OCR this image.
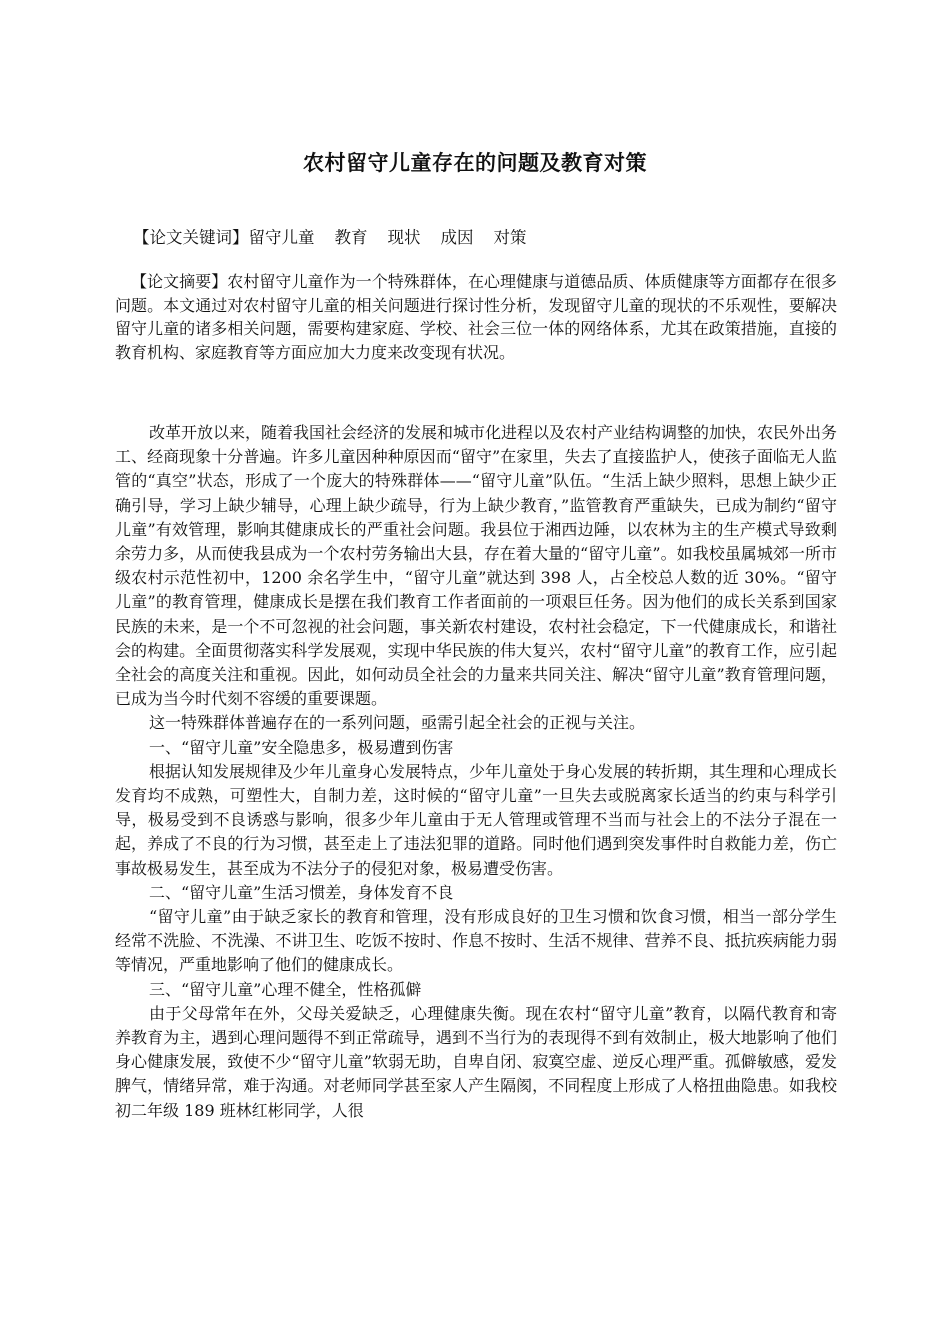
农村留守儿童存在的问题及教育对策

【论文关键词】留守儿童 教育 现状 成因 对策

【论文摘要】农村留守儿童作为一个特殊群体，在心理健康与道德品质、体质健康等方面都存在很多问题。本文通过对农村留守儿童的相关问题进行探讨性分析，发现留守儿童的现状的不乐观性，要解决留守儿童的诸多相关问题，需要构建家庭、学校、社会三位一体的网络体系，尤其在政策措施，直接的教育机构、家庭教育等方面应加大力度来改变现有状况。

改革开放以来，随着我国社会经济的发展和城市化进程以及农村产业结构调整的加快，农民外出务工、经商现象十分普遍。许多儿童因种种原因而“留守”在家里，失去了直接监护人，使孩子面临无人监管的“真空”状态，形成了一个庞大的特殊群体——“留守儿童”队伍。“生活上缺少照料，思想上缺少正确引导，学习上缺少辅导，心理上缺少疏导，行为上缺少教育，”监管教育严重缺失，已成为制约“留守儿童”有效管理，影响其健康成长的严重社会问题。我县位于湘西边陲，以农林为主的生产模式导致剩余劳力多，从而使我县成为一个农村劳务输出大县，存在着大量的“留守儿童”。如我校虽属城郊一所市级农村示范性初中，1200 余名学生中，“留守儿童”就达到 398 人，占全校总人数的近 30%。“留守儿童”的教育管理，健康成长是摆在我们教育工作者面前的一项艰巨任务。因为他们的成长关系到国家民族的未来，是一个不可忽视的社会问题，事关新农村建设，农村社会稳定，下一代健康成长，和谐社会的构建。全面贯彻落实科学发展观，实现中华民族的伟大复兴，农村“留守儿童”的教育工作，应引起全社会的高度关注和重视。因此，如何动员全社会的力量来共同关注、解决“留守儿童”教育管理问题，已成为当今时代刻不容缓的重要课题。

这一特殊群体普遍存在的一系列问题，亟需引起全社会的正视与关注。

一、“留守儿童”安全隐患多，极易遭到伤害

根据认知发展规律及少年儿童身心发展特点，少年儿童处于身心发展的转折期，其生理和心理成长发育均不成熟，可塑性大，自制力差，这时候的“留守儿童”一旦失去或脱离家长适当的约束与科学引导，极易受到不良诱惑与影响，很多少年儿童由于无人管理或管理不当而与社会上的不法分子混在一起，养成了不良的行为习惯，甚至走上了违法犯罪的道路。同时他们遇到突发事件时自救能力差，伤亡事故极易发生，甚至成为不法分子的侵犯对象，极易遭受伤害。

二、“留守儿童”生活习惯差，身体发育不良

“留守儿童”由于缺乏家长的教育和管理，没有形成良好的卫生习惯和饮食习惯，相当一部分学生经常不洗脸、不洗澡、不讲卫生、吃饭不按时、作息不按时、生活不规律、营养不良、抵抗疾病能力弱等情况，严重地影响了他们的健康成长。

三、“留守儿童”心理不健全，性格孤僻

由于父母常年在外，父母关爱缺乏，心理健康失衡。现在农村“留守儿童”教育，以隔代教育和寄养教育为主，遇到心理问题得不到正常疏导，遇到不当行为的表现得不到有效制止，极大地影响了他们身心健康发展，致使不少“留守儿童”软弱无助，自卑自闭、寂寞空虚、逆反心理严重。孤僻敏感，爱发脾气，情绪异常，难于沟通。对老师同学甚至家人产生隔阂，不同程度上形成了人格扭曲隐患。如我校初二年级 189 班林红彬同学，人很
